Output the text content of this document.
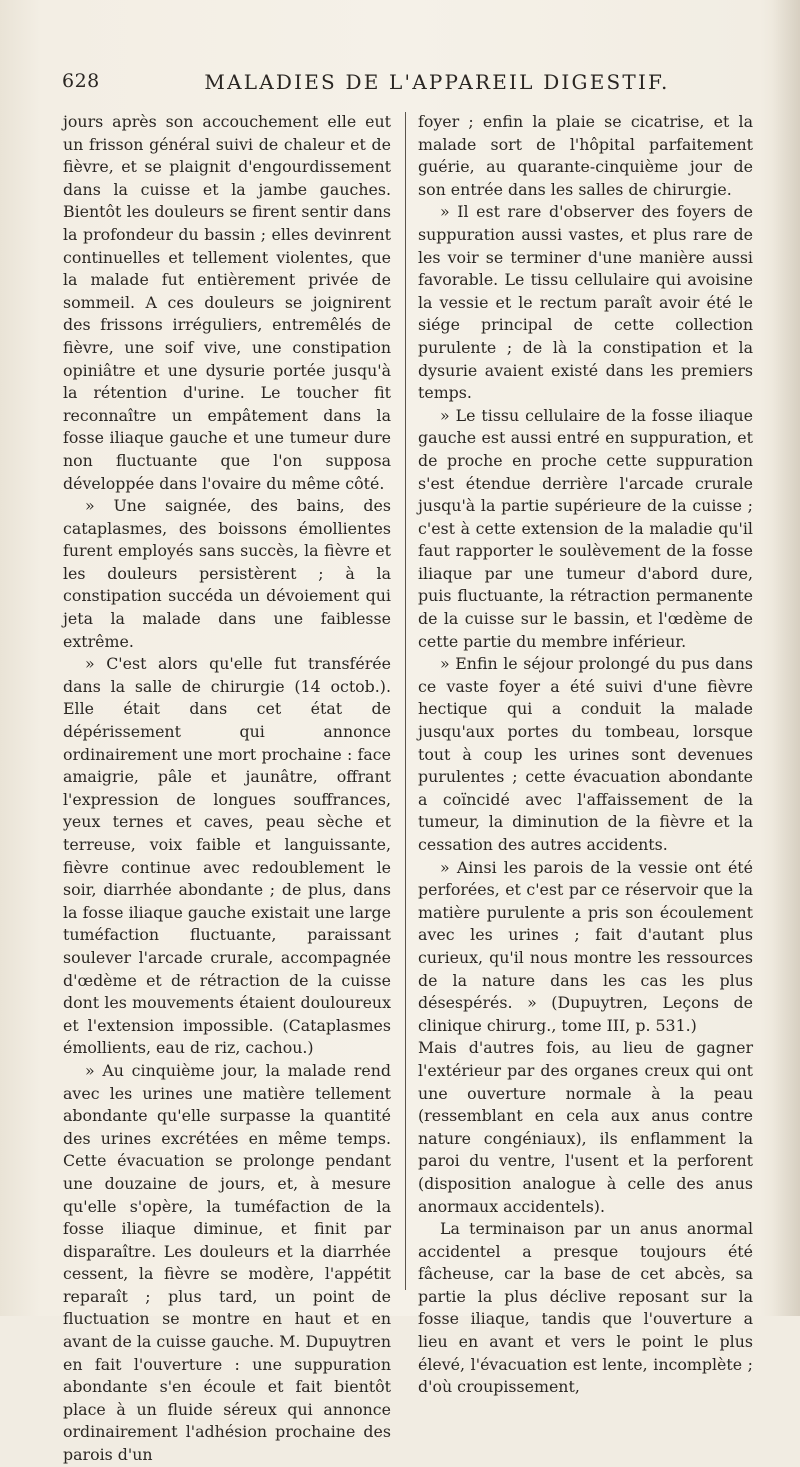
628	MALADIES DE L'APPAREIL DIGESTIF.

jours après son accouchement elle eut un frisson général suivi de chaleur et de fièvre, et se plaignit d'engourdissement dans la cuisse et la jambe gauches. Bientôt les douleurs se firent sentir dans la profondeur du bassin ; elles devinrent continuelles et tellement violentes, que la malade fut entièrement privée de sommeil. A ces douleurs se joignirent des frissons irréguliers, entremêlés de fièvre, une soif vive, une constipation opiniâtre et une dysurie portée jusqu'à la rétention d'urine. Le toucher fit reconnaître un empâtement dans la fosse iliaque gauche et une tumeur dure non fluctuante que l'on supposa développée dans l'ovaire du même côté.

» Une saignée, des bains, des cataplasmes, des boissons émollientes furent employés sans succès, la fièvre et les douleurs persistèrent ; à la constipation succéda un dévoiement qui jeta la malade dans une faiblesse extrême.

» C'est alors qu'elle fut transférée dans la salle de chirurgie (14 octob.). Elle était dans cet état de dépérissement qui annonce ordinairement une mort prochaine : face amaigrie, pâle et jaunâtre, offrant l'expression de longues souffrances, yeux ternes et caves, peau sèche et terreuse, voix faible et languissante, fièvre continue avec redoublement le soir, diarrhée abondante ; de plus, dans la fosse iliaque gauche existait une large tuméfaction fluctuante, paraissant soulever l'arcade crurale, accompagnée d'œdème et de rétraction de la cuisse dont les mouvements étaient douloureux et l'extension impossible. (Cataplasmes émollients, eau de riz, cachou.)

» Au cinquième jour, la malade rend avec les urines une matière tellement abondante qu'elle surpasse la quantité des urines excrétées en même temps. Cette évacuation se prolonge pendant une douzaine de jours, et, à mesure qu'elle s'opère, la tuméfaction de la fosse iliaque diminue, et finit par disparaître. Les douleurs et la diarrhée cessent, la fièvre se modère, l'appétit reparaît ; plus tard, un point de fluctuation se montre en haut et en avant de la cuisse gauche. M. Dupuytren en fait l'ouverture : une suppuration abondante s'en écoule et fait bientôt place à un fluide séreux qui annonce ordinairement l'adhésion prochaine des parois d'un

foyer ; enfin la plaie se cicatrise, et la malade sort de l'hôpital parfaitement guérie, au quarante-cinquième jour de son entrée dans les salles de chirurgie.

» Il est rare d'observer des foyers de suppuration aussi vastes, et plus rare de les voir se terminer d'une manière aussi favorable. Le tissu cellulaire qui avoisine la vessie et le rectum paraît avoir été le siége principal de cette collection purulente ; de là la constipation et la dysurie avaient existé dans les premiers temps.

» Le tissu cellulaire de la fosse iliaque gauche est aussi entré en suppuration, et de proche en proche cette suppuration s'est étendue derrière l'arcade crurale jusqu'à la partie supérieure de la cuisse ; c'est à cette extension de la maladie qu'il faut rapporter le soulèvement de la fosse iliaque par une tumeur d'abord dure, puis fluctuante, la rétraction permanente de la cuisse sur le bassin, et l'œdème de cette partie du membre inférieur.

» Enfin le séjour prolongé du pus dans ce vaste foyer a été suivi d'une fièvre hectique qui a conduit la malade jusqu'aux portes du tombeau, lorsque tout à coup les urines sont devenues purulentes ; cette évacuation abondante a coïncidé avec l'affaissement de la tumeur, la diminution de la fièvre et la cessation des autres accidents.

» Ainsi les parois de la vessie ont été perforées, et c'est par ce réservoir que la matière purulente a pris son écoulement avec les urines ; fait d'autant plus curieux, qu'il nous montre les ressources de la nature dans les cas les plus désespérés. » (Dupuytren, Leçons de clinique chirurg., tome III, p. 531.)

Mais d'autres fois, au lieu de gagner l'extérieur par des organes creux qui ont une ouverture normale à la peau (ressemblant en cela aux anus contre nature congéniaux), ils enflamment la paroi du ventre, l'usent et la perforent (disposition analogue à celle des anus anormaux accidentels).

La terminaison par un anus anormal accidentel a presque toujours été fâcheuse, car la base de cet abcès, sa partie la plus déclive reposant sur la fosse iliaque, tandis que l'ouverture a lieu en avant et vers le point le plus élevé, l'évacuation est lente, incomplète ; d'où croupissement,
